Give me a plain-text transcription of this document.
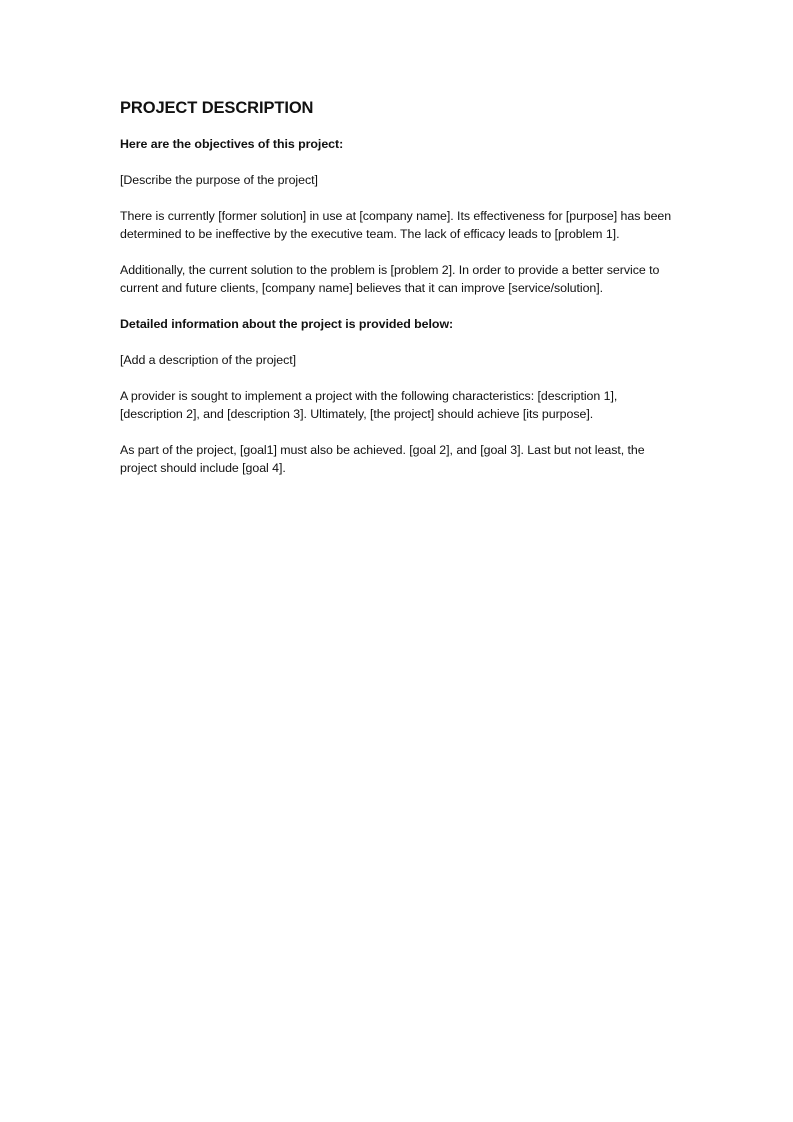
PROJECT DESCRIPTION

Here are the objectives of this project:

[Describe the purpose of the project]

There is currently [former solution] in use at [company name]. Its effectiveness for [purpose] has been determined to be ineffective by the executive team. The lack of efficacy leads to [problem 1].

Additionally, the current solution to the problem is [problem 2]. In order to provide a better service to current and future clients, [company name] believes that it can improve [service/solution].

Detailed information about the project is provided below:

[Add a description of the project]

A provider is sought to implement a project with the following characteristics: [description 1], [description 2], and [description 3]. Ultimately, [the project] should achieve [its purpose].

As part of the project, [goal1] must also be achieved. [goal 2], and [goal 3]. Last but not least, the project should include [goal 4].
